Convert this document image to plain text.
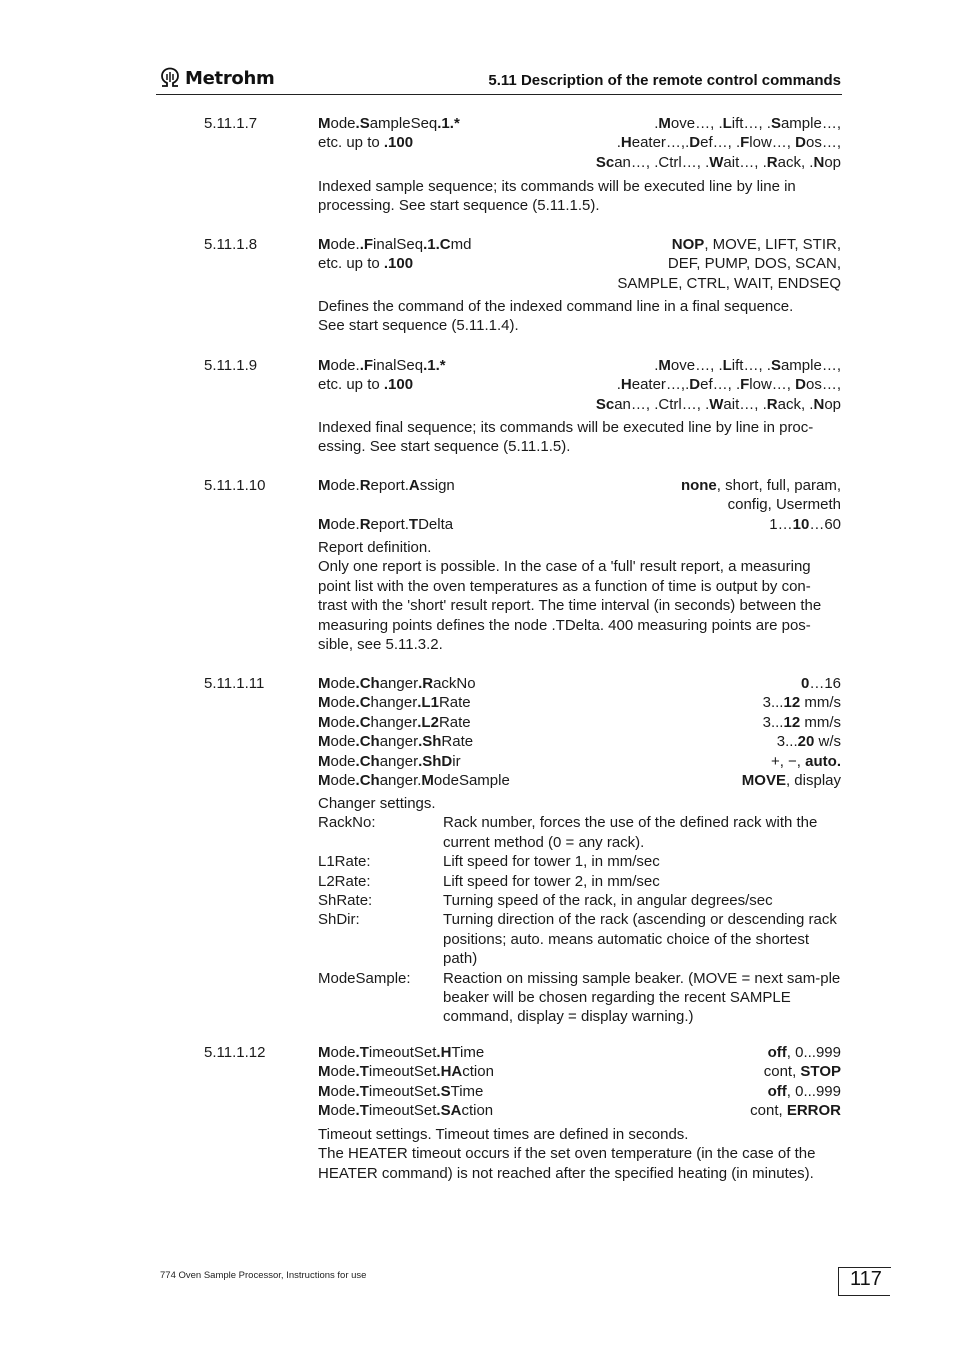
Metrohm	5.11 Description of the remote control commands
5.11.1.7	Mode.SampleSeq.1.*	.Move…, .Lift…, .Sample…,
etc. up to .100	.Heater…,.Def…, .Flow…, Dos…,
Scan…, .Ctrl…, .Wait…, .Rack, .Nop

Indexed sample sequence; its commands will be executed line by line in processing. See start sequence (5.11.1.5).

5.11.1.8	Mode..FinalSeq.1.Cmd	NOP, MOVE, LIFT, STIR,
etc. up to .100	DEF, PUMP, DOS, SCAN,
SAMPLE, CTRL, WAIT, ENDSEQ

Defines the command of the indexed command line in a final sequence.

See start sequence (5.11.1.4).

5.11.1.9	Mode..FinalSeq.1.*	.Move…, .Lift…, .Sample…,
etc. up to .100	.Heater…,.Def…, .Flow…, Dos…,
Scan…, .Ctrl…, .Wait…, .Rack, .Nop

Indexed final sequence; its commands will be executed line by line in proc-

essing. See start sequence (5.11.1.5).

5.11.1.10	Mode.Report.Assign	none, short, full, param,
config, Usermeth
Mode.Report.TDelta	1…10…60

Report definition.

Only one report is possible. In the case of a 'full' result report, a measuring point list with the oven temperatures as a function of time is output by con-

trast with the 'short' result report. The time interval (in seconds) between the measuring points defines the node .TDelta. 400 measuring points are pos-

sible, see 5.11.3.2.

5.11.1.11	Mode.Changer.RackNo	0…16
Mode.Changer.L1Rate	3...12 mm/s
Mode.Changer.L2Rate	3...12 mm/s
Mode.Changer.ShRate	3...20 w/s
Mode.Changer.ShDir	+, −, auto.
Mode.Changer.ModeSample	MOVE, display

Changer settings.

RackNo:	Rack number, forces the use of the defined rack with the current method (0 = any rack).
L1Rate:	Lift speed for tower 1, in mm/sec
L2Rate:	Lift speed for tower 2, in mm/sec
ShRate:	Turning speed of the rack, in angular degrees/sec
ShDir:	Turning direction of the rack (ascending or descending rack positions; auto. means automatic choice of the shortest path)
ModeSample: Reaction on missing sample beaker. (MOVE = next sam-ple beaker will be chosen regarding the recent SAMPLE command, display = display warning.)
5.11.1.12	Mode.TimeoutSet.HTime	off, 0...999
Mode.TimeoutSet.HAction	cont, STOP
Mode.TimeoutSet.STime	off, 0...999
Mode.TimeoutSet.SAction	cont, ERROR

Timeout settings. Timeout times are defined in seconds.

The HEATER timeout occurs if the set oven temperature (in the case of the HEATER command) is not reached after the specified heating (in minutes).

774 Oven Sample Processor, Instructions for use	117
